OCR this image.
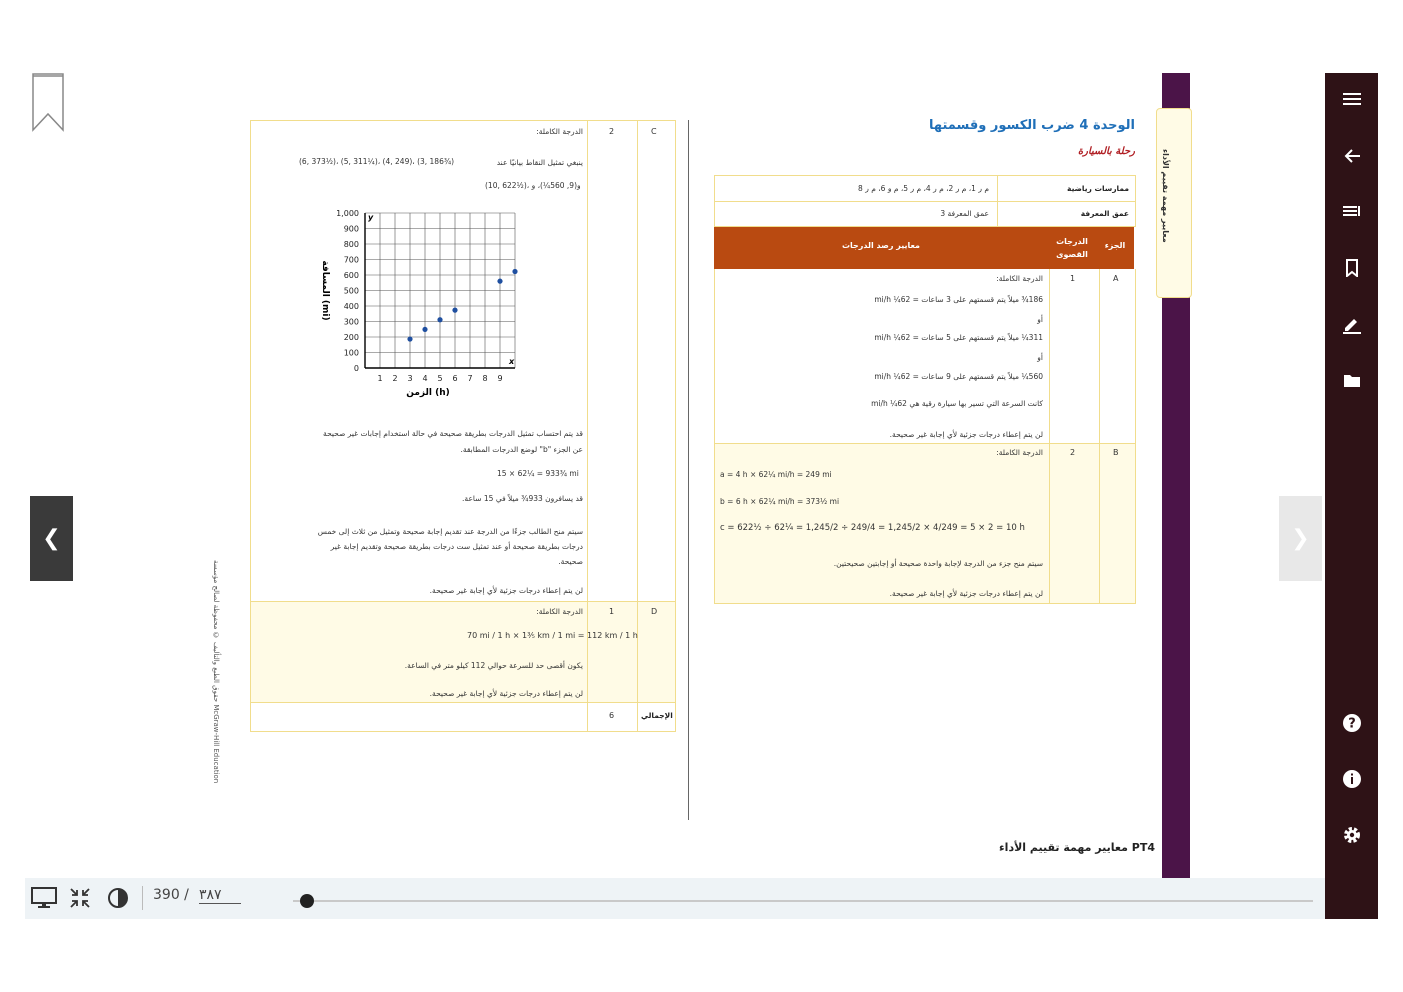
حقوق الطبع والتأليف © محفوظة لصالح مؤسسة McGraw-Hill Education
C
2
الدرجة الكاملة:
ينبغي تمثيل النقاط بيانيًا عند
(6, 373½)، (5, 311¼)، (4, 249)، (3, 186¾)
(10, 622½)، و(9, 560¼)، و
0
100
200
300
400
500
600
700
800
900
1,000
1 2 3 4 5 6 7 8 9
y
x
الزمن (h)
المسافة (mi)
قد يتم احتساب تمثيل الدرجات بطريقة صحيحة في حالة استخدام إجابات غير صحيحة
عن الجزء "b" لوضع الدرجات المطابقة.
15 × 62¼ = 933¾ mi
قد يسافرون 933¾ ميلاً في 15 ساعة.
سيتم منح الطالب جزءًا من الدرجة عند تقديم إجابة صحيحة وتمثيل من ثلاث إلى خمس
درجات بطريقة صحيحة أو عند تمثيل ست درجات بطريقة صحيحة وتقديم إجابة غير
صحيحة.
لن يتم إعطاء درجات جزئية لأي إجابة غير صحيحة.
D
1
الدرجة الكاملة:
70 mi / 1 h × 1⅗ km / 1 mi = 112 km / 1 h
يكون أقصى حد للسرعة حوالي 112 كيلو متر في الساعة.
لن يتم إعطاء درجات جزئية لأي إجابة غير صحيحة.
الإجمالي
6
الوحدة 4 ضرب الكسور وقسمتها
رحلة بالسيارة
ممارسات رياضية
م ر 1، م ر 2، م ر 4، م ر 5، م و 6، م ر 8
عمق المعرفة
عمق المعرفة 3
الجزء
الدرجات القصوى
معايير رصد الدرجات
A
1
الدرجة الكاملة:
186¾ ميلاً يتم قسمتهم على 3 ساعات = 62¼ mi/h
أو
311¼ ميلاً يتم قسمتهم على 5 ساعات = 62¼ mi/h
أو
560¼ ميلاً يتم قسمتهم على 9 ساعات = 62¼ mi/h
كانت السرعة التي تسير بها سيارة رقية هي 62¼ mi/h
لن يتم إعطاء درجات جزئية لأي إجابة غير صحيحة.
B
2
الدرجة الكاملة:
a = 4 h × 62¼ mi/h = 249 mi
b = 6 h × 62¼ mi/h = 373½ mi
c = 622½ ÷ 62¼ = 1,245/2 ÷ 249/4 = 1,245/2 × 4/249 = 5 × 2 = 10 h
سيتم منح جزء من الدرجة لإجابة واحدة صحيحة أو إجابتين صحيحتين.
لن يتم إعطاء درجات جزئية لأي إجابة غير صحيحة.
معايير مهمة تقييم الأداء
PT4 معايير مهمة تقييم الأداء
❮	❯
?
390 /
٣٨٧
